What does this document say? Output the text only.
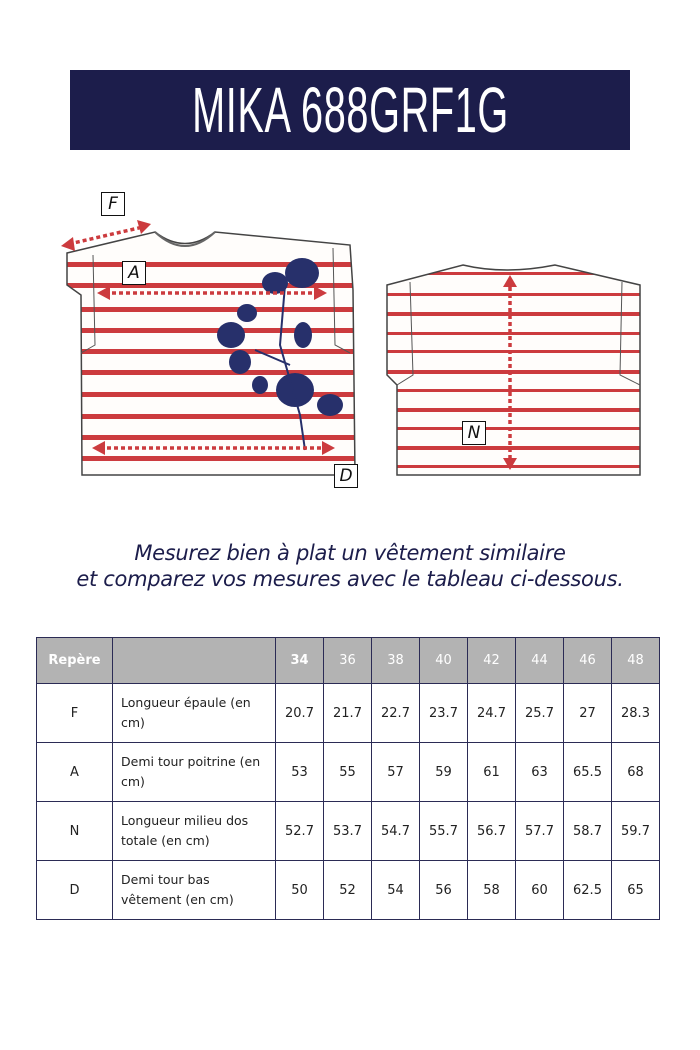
MIKA 688GRF1G
F
A
D
N
Mesurez bien à plat un vêtement similaire
et comparez vos mesures avec le tableau ci-dessous.
Repère		34	36	38	40	42	44	46	48
F	Longueur épaule (en cm)	20.7	21.7	22.7	23.7	24.7	25.7	27	28.3
A	Demi tour poitrine (en cm)	53	55	57	59	61	63	65.5	68
N	Longueur milieu dos totale (en cm)	52.7	53.7	54.7	55.7	56.7	57.7	58.7	59.7
D	Demi tour bas vêtement (en cm)	50	52	54	56	58	60	62.5	65
